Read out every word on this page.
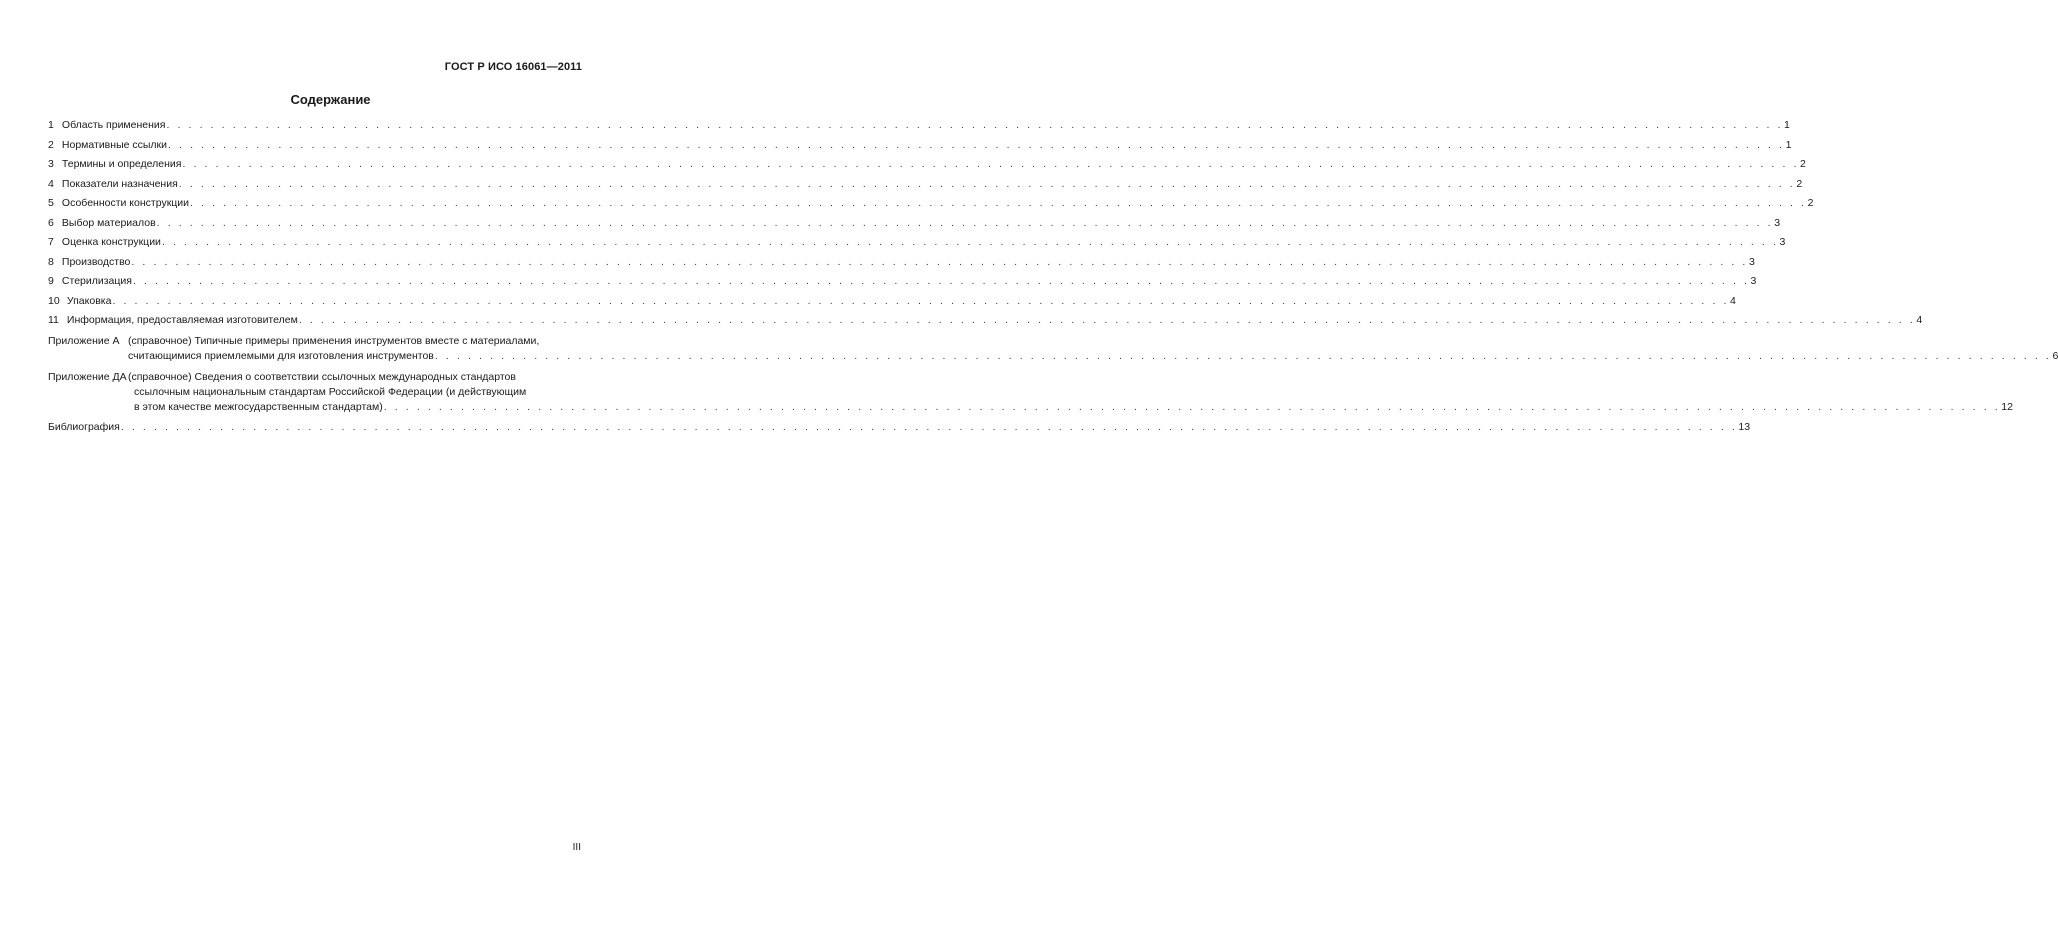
ГОСТ Р ИСО 16061—2011
Содержание
1 Область применения . . .	1
2 Нормативные ссылки . . .	1
3 Термины и определения . . .	2
4 Показатели назначения . . .	2
5 Особенности конструкции . . .	2
6 Выбор материалов . . .	3
7 Оценка конструкции . . .	3
8 Производство . . .	3
9 Стерилизация . . .	3
10 Упаковка . . .	4
11 Информация, предоставляемая изготовителем . . .	4
Приложение А (справочное) Типичные примеры применения инструментов вместе с материалами,
считающимися приемлемыми для изготовления инструментов . . .	6
Приложение ДА (справочное) Сведения о соответствии ссылочных международных стандартов
ссылочным национальным стандартам Российской Федерации (и действующим
в этом качестве межгосударственным стандартам) . . .	12
Библиография . . .	13
III
